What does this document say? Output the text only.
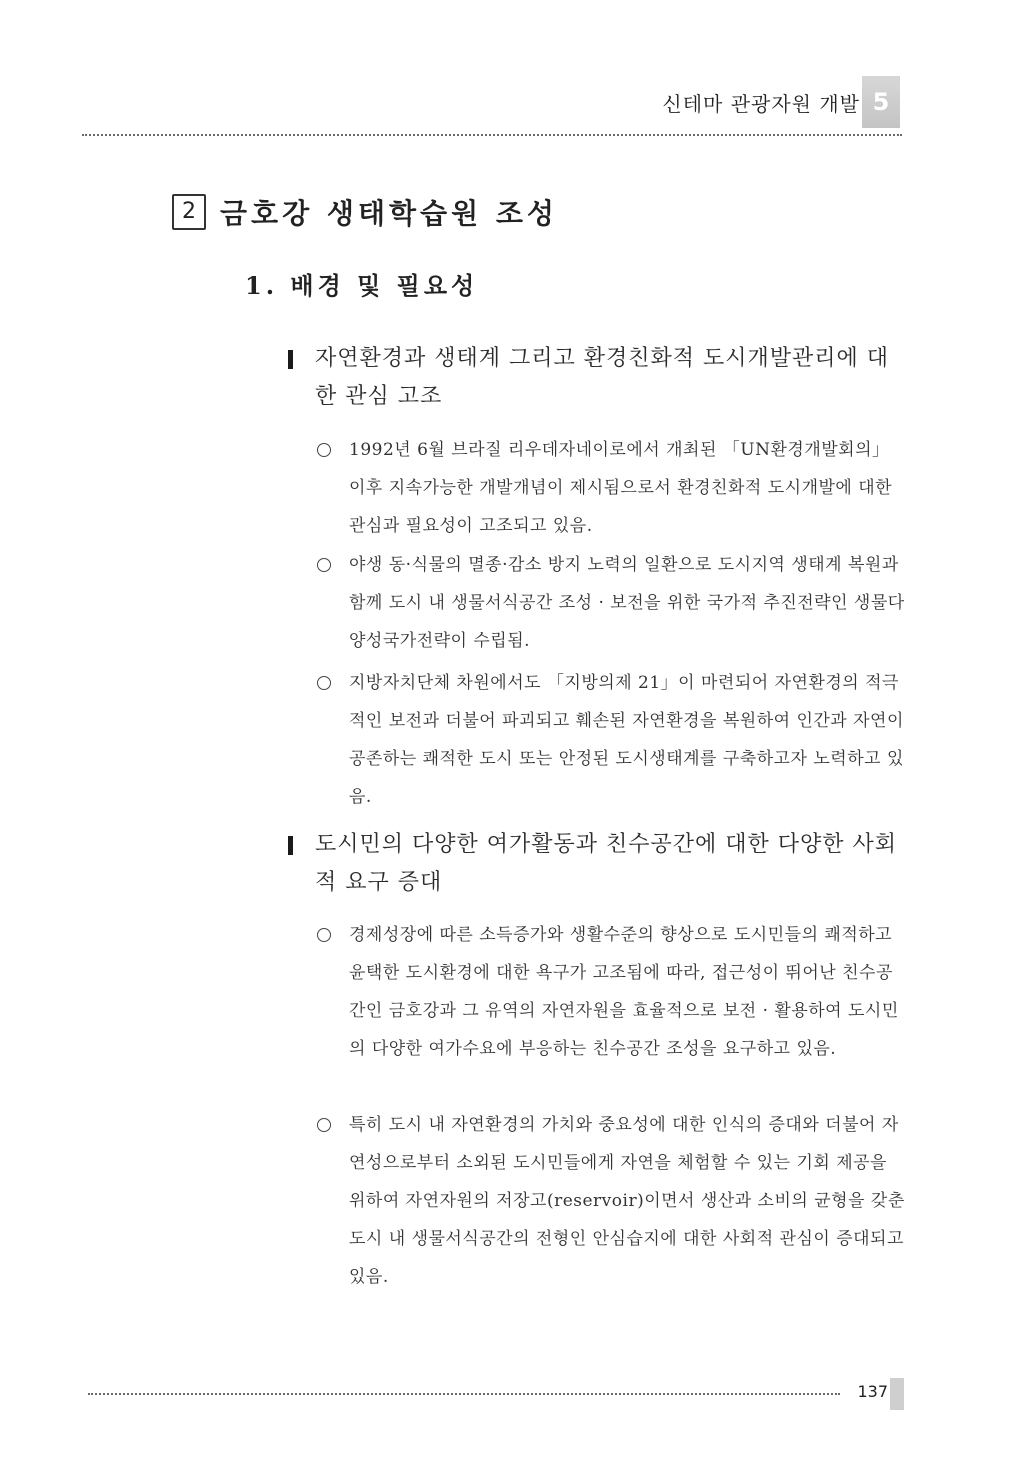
신테마 관광자원 개발 5
2 금호강 생태학습원 조성
1. 배경 및 필요성
자연환경과 생태계 그리고 환경친화적 도시개발관리에 대한 관심 고조
1992년 6월 브라질 리우데자네이로에서 개최된 「UN환경개발회의」 이후 지속가능한 개발개념이 제시됨으로서 환경친화적 도시개발에 대한 관심과 필요성이 고조되고 있음.
야생 동·식물의 멸종·감소 방지 노력의 일환으로 도시지역 생태계 복원과 함께 도시 내 생물서식공간 조성 · 보전을 위한 국가적 추진전략인 생물다양성국가전략이 수립됨.
지방자치단체 차원에서도 「지방의제 21」이 마련되어 자연환경의 적극적인 보전과 더불어 파괴되고 훼손된 자연환경을 복원하여 인간과 자연이 공존하는 쾌적한 도시 또는 안정된 도시생태계를 구축하고자 노력하고 있음.
도시민의 다양한 여가활동과 친수공간에 대한 다양한 사회적 요구 증대
경제성장에 따른 소득증가와 생활수준의 향상으로 도시민들의 쾌적하고 윤택한 도시환경에 대한 욕구가 고조됨에 따라, 접근성이 뛰어난 친수공간인 금호강과 그 유역의 자연자원을 효율적으로 보전 · 활용하여 도시민의 다양한 여가수요에 부응하는 친수공간 조성을 요구하고 있음.
특히 도시 내 자연환경의 가치와 중요성에 대한 인식의 증대와 더불어 자연성으로부터 소외된 도시민들에게 자연을 체험할 수 있는 기회 제공을 위하여 자연자원의 저장고(reservoir)이면서 생산과 소비의 균형을 갖춘 도시 내 생물서식공간의 전형인 안심습지에 대한 사회적 관심이 증대되고 있음.
137
